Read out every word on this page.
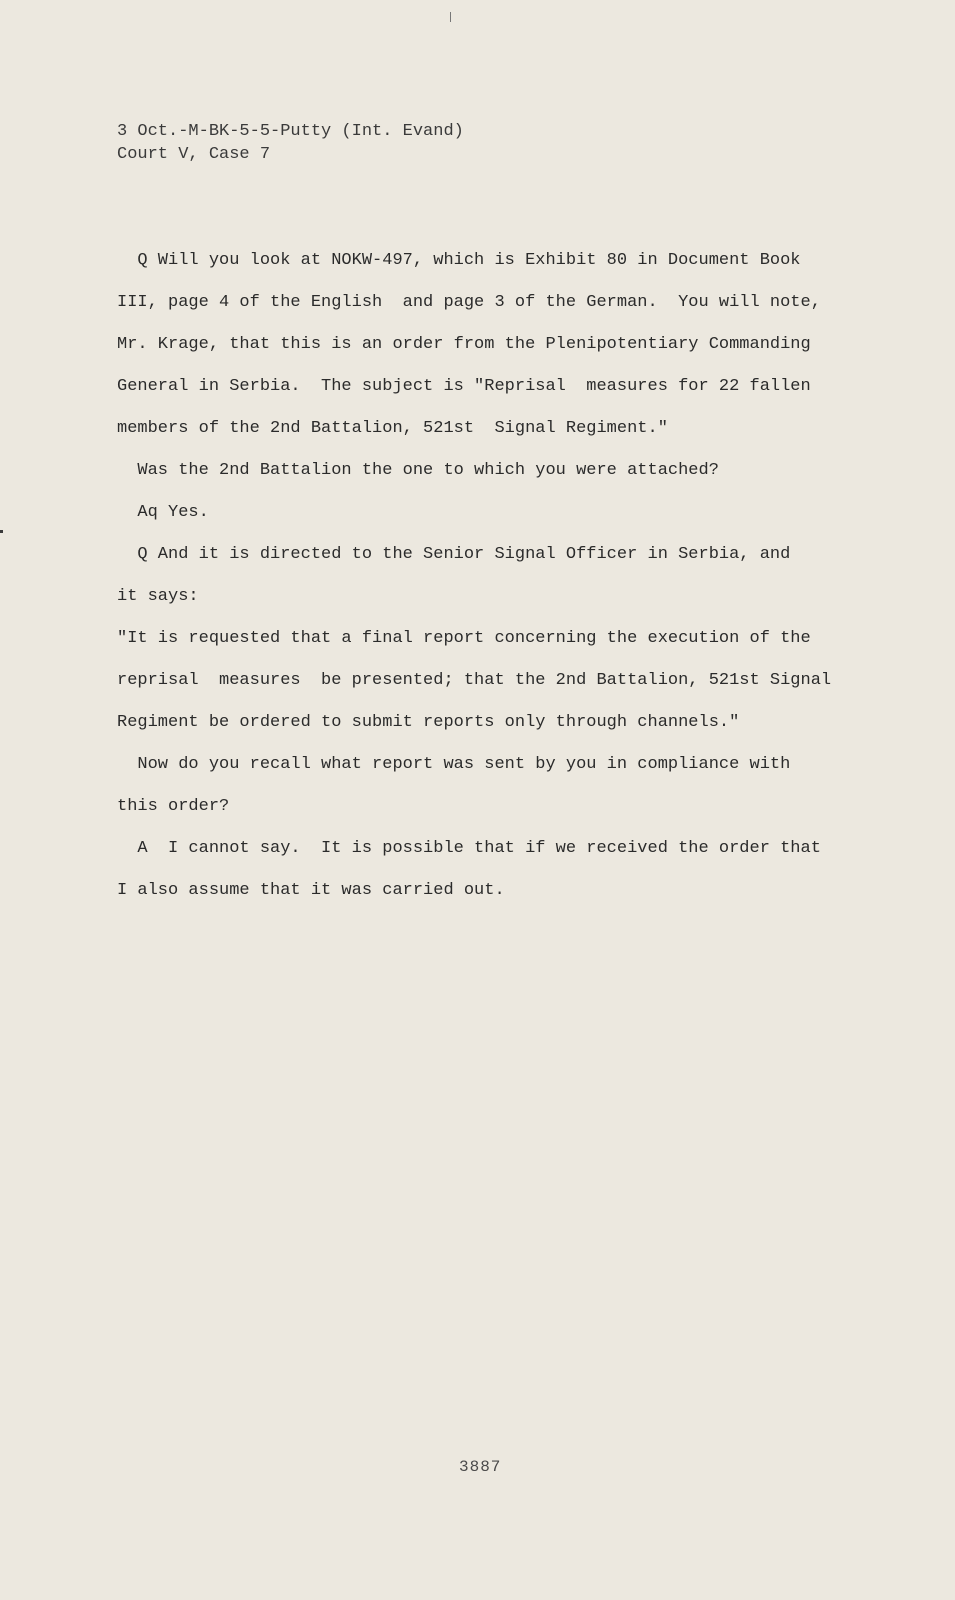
3 Oct.-M-BK-5-5-Putty (Int. Evand)
Court V, Case 7
Q Will you look at NOKW-497, which is Exhibit 80 in Document Book
III, page 4 of the English  and page 3 of the German.  You will note,
Mr. Krage, that this is an order from the Plenipotentiary Commanding
General in Serbia.  The subject is "Reprisal  measures for 22 fallen
members of the 2nd Battalion, 521st  Signal Regiment."
Was the 2nd Battalion the one to which you were attached?
Aq Yes.
Q And it is directed to the Senior Signal Officer in Serbia, and
it says:
"It is requested that a final report concerning the execution of the
reprisal  measures  be presented; that the 2nd Battalion, 521st Signal
Regiment be ordered to submit reports only through channels."
Now do you recall what report was sent by you in compliance with
this order?
A  I cannot say.  It is possible that if we received the order that
I also assume that it was carried out.
3887
